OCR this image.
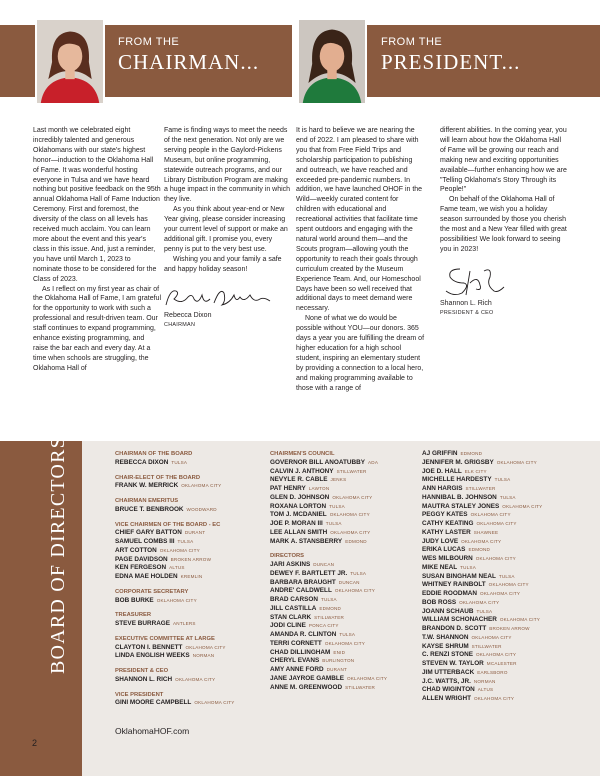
FROM THE
CHAIRMAN...
FROM THE
PRESIDENT...

Last month we celebrated eight incredibly talented and generous Oklahomans with our state's highest honor—induction to the Oklahoma Hall of Fame. It was wonderful hosting everyone in Tulsa and we have heard nothing but positive feedback on the 95th annual Oklahoma Hall of Fame Induction Ceremony. First and foremost, the diversity of the class on all levels has received much acclaim. You can learn more about the event and this year's class in this issue. And, just a reminder, you have until March 1, 2023 to nominate those to be considered for the Class of 2023.

As I reflect on my first year as chair of the Oklahoma Hall of Fame, I am grateful for the opportunity to work with such a professional and result-driven team. Our staff continues to expand programming, enhance existing programming, and raise the bar each and every day. At a time when schools are struggling, the Oklahoma Hall of

Fame is finding ways to meet the needs of the next generation. Not only are we serving people in the Gaylord-Pickens Museum, but online programming, statewide outreach programs, and our Library Distribution Program are making a huge impact in the community in which they live.

As you think about year-end or New Year giving, please consider increasing your current level of support or make an additional gift. I promise you, every penny is put to the very best use.

Wishing you and your family a safe and happy holiday season!

Rebecca Dixon
CHAIRMAN

It is hard to believe we are nearing the end of 2022. I am pleased to share with you that from Free Field Trips and scholarship participation to publishing and outreach, we have reached and exceeded pre-pandemic numbers. In addition, we have launched OHOF in the Wild—weekly curated content for children with educational and recreational activities that facilitate time spent outdoors and engaging with the natural world around them—and the Scouts program—allowing youth the opportunity to reach their goals through curriculum created by the Museum Experience Team. And, our Homeschool Days have been so well received that additional days to meet demand were necessary.

None of what we do would be possible without YOU—our donors. 365 days a year you are fulfilling the dream of higher education for a high school student, inspiring an elementary student by providing a connection to a local hero, and making programming available to those with a range of

different abilities. In the coming year, you will learn about how the Oklahoma Hall of Fame will be growing our reach and making new and exciting opportunities available—further enhancing how we are "Telling Oklahoma's Story Through its People!"

On behalf of the Oklahoma Hall of Fame team, we wish you a holiday season surrounded by those you cherish the most and a New Year filled with great possibilities! We look forward to seeing you in 2023!

Shannon L. Rich
PRESIDENT & CEO
BOARD OF DIRECTORS
2
CHAIRMAN OF THE BOARD
REBECCA DIXON TULSA
CHAIR-ELECT OF THE BOARD
FRANK W. MERRICK OKLAHOMA CITY
CHAIRMAN EMERITUS
BRUCE T. BENBROOK WOODWARD
VICE CHAIRMEN OF THE BOARD - EC
CHIEF GARY BATTON DURANT
SAMUEL COMBS III TULSA
ART COTTON OKLAHOMA CITY
PAGE DAVIDSON BROKEN ARROW
KEN FERGESON ALTUS
EDNA MAE HOLDEN KREMLIN
CORPORATE SECRETARY
BOB BURKE OKLAHOMA CITY
TREASURER
STEVE BURRAGE ANTLERS
EXECUTIVE COMMITTEE AT LARGE
CLAYTON I. BENNETT OKLAHOMA CITY
LINDA ENGLISH WEEKS NORMAN
PRESIDENT & CEO
SHANNON L. RICH OKLAHOMA CITY
VICE PRESIDENT
GINI MOORE CAMPBELL OKLAHOMA CITY
CHAIRMEN'S COUNCIL
GOVERNOR BILL ANOATUBBY ADA
CALVIN J. ANTHONY STILLWATER
NEVYLE R. CABLE JENKS
PAT HENRY LAWTON
GLEN D. JOHNSON OKLAHOMA CITY
ROXANA LORTON TULSA
TOM J. MCDANIEL OKLAHOMA CITY
JOE P. MORAN III TULSA
LEE ALLAN SMITH OKLAHOMA CITY
MARK A. STANSBERRY EDMOND
DIRECTORS
JARI ASKINS DUNCAN
DEWEY F. BARTLETT JR. TULSA
BARBARA BRAUGHT DUNCAN
ANDRE' CALDWELL OKLAHOMA CITY
BRAD CARSON TULSA
JILL CASTILLA EDMOND
STAN CLARK STILLWATER
JODI CLINE PONCA CITY
AMANDA R. CLINTON TULSA
TERRI CORNETT OKLAHOMA CITY
CHAD DILLINGHAM ENID
CHERYL EVANS BURLINGTON
AMY ANNE FORD DURANT
JANE JAYROE GAMBLE OKLAHOMA CITY
ANNE M. GREENWOOD STILLWATER
AJ GRIFFIN EDMOND
JENNIFER M. GRIGSBY OKLAHOMA CITY
JOE D. HALL ELK CITY
MICHELLE HARDESTY TULSA
ANN HARGIS STILLWATER
HANNIBAL B. JOHNSON TULSA
MAUTRA STALEY JONES OKLAHOMA CITY
PEGGY KATES OKLAHOMA CITY
CATHY KEATING OKLAHOMA CITY
KATHY LASTER SHAWNEE
JUDY LOVE OKLAHOMA CITY
ERIKA LUCAS EDMOND
WES MILBOURN OKLAHOMA CITY
MIKE NEAL TULSA
SUSAN BINGHAM NEAL TULSA
WHITNEY RAINBOLT OKLAHOMA CITY
EDDIE ROODMAN OKLAHOMA CITY
BOB ROSS OKLAHOMA CITY
JOANN SCHAUB TULSA
WILLIAM SCHONACHER OKLAHOMA CITY
BRANDON D. SCOTT BROKEN ARROW
T.W. SHANNON OKLAHOMA CITY
KAYSE SHRUM STILLWATER
C. RENZI STONE OKLAHOMA CITY
STEVEN W. TAYLOR MCALESTER
JIM UTTERBACK EARLSBORO
J.C. WATTS, JR. NORMAN
CHAD WIGINTON ALTUS
ALLEN WRIGHT OKLAHOMA CITY
OklahomaHOF.com
